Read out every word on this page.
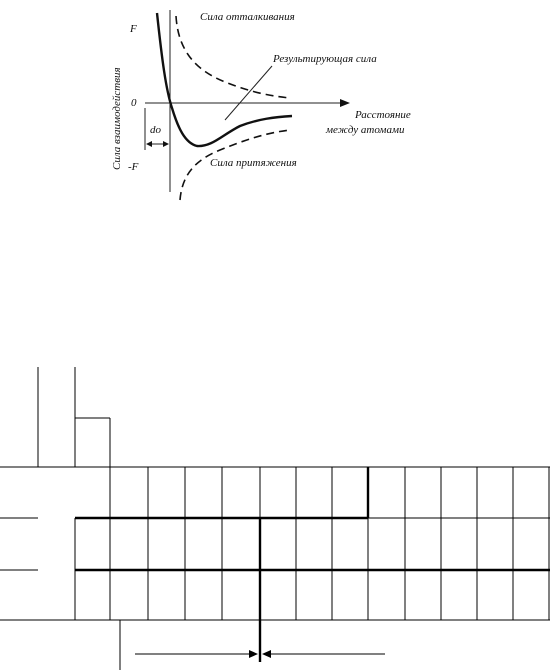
F
0
-F
Сила взаимодействия	Расстояние
между атомами
do
Сила отталкивания
Сила притяжения
Результирующая сила
